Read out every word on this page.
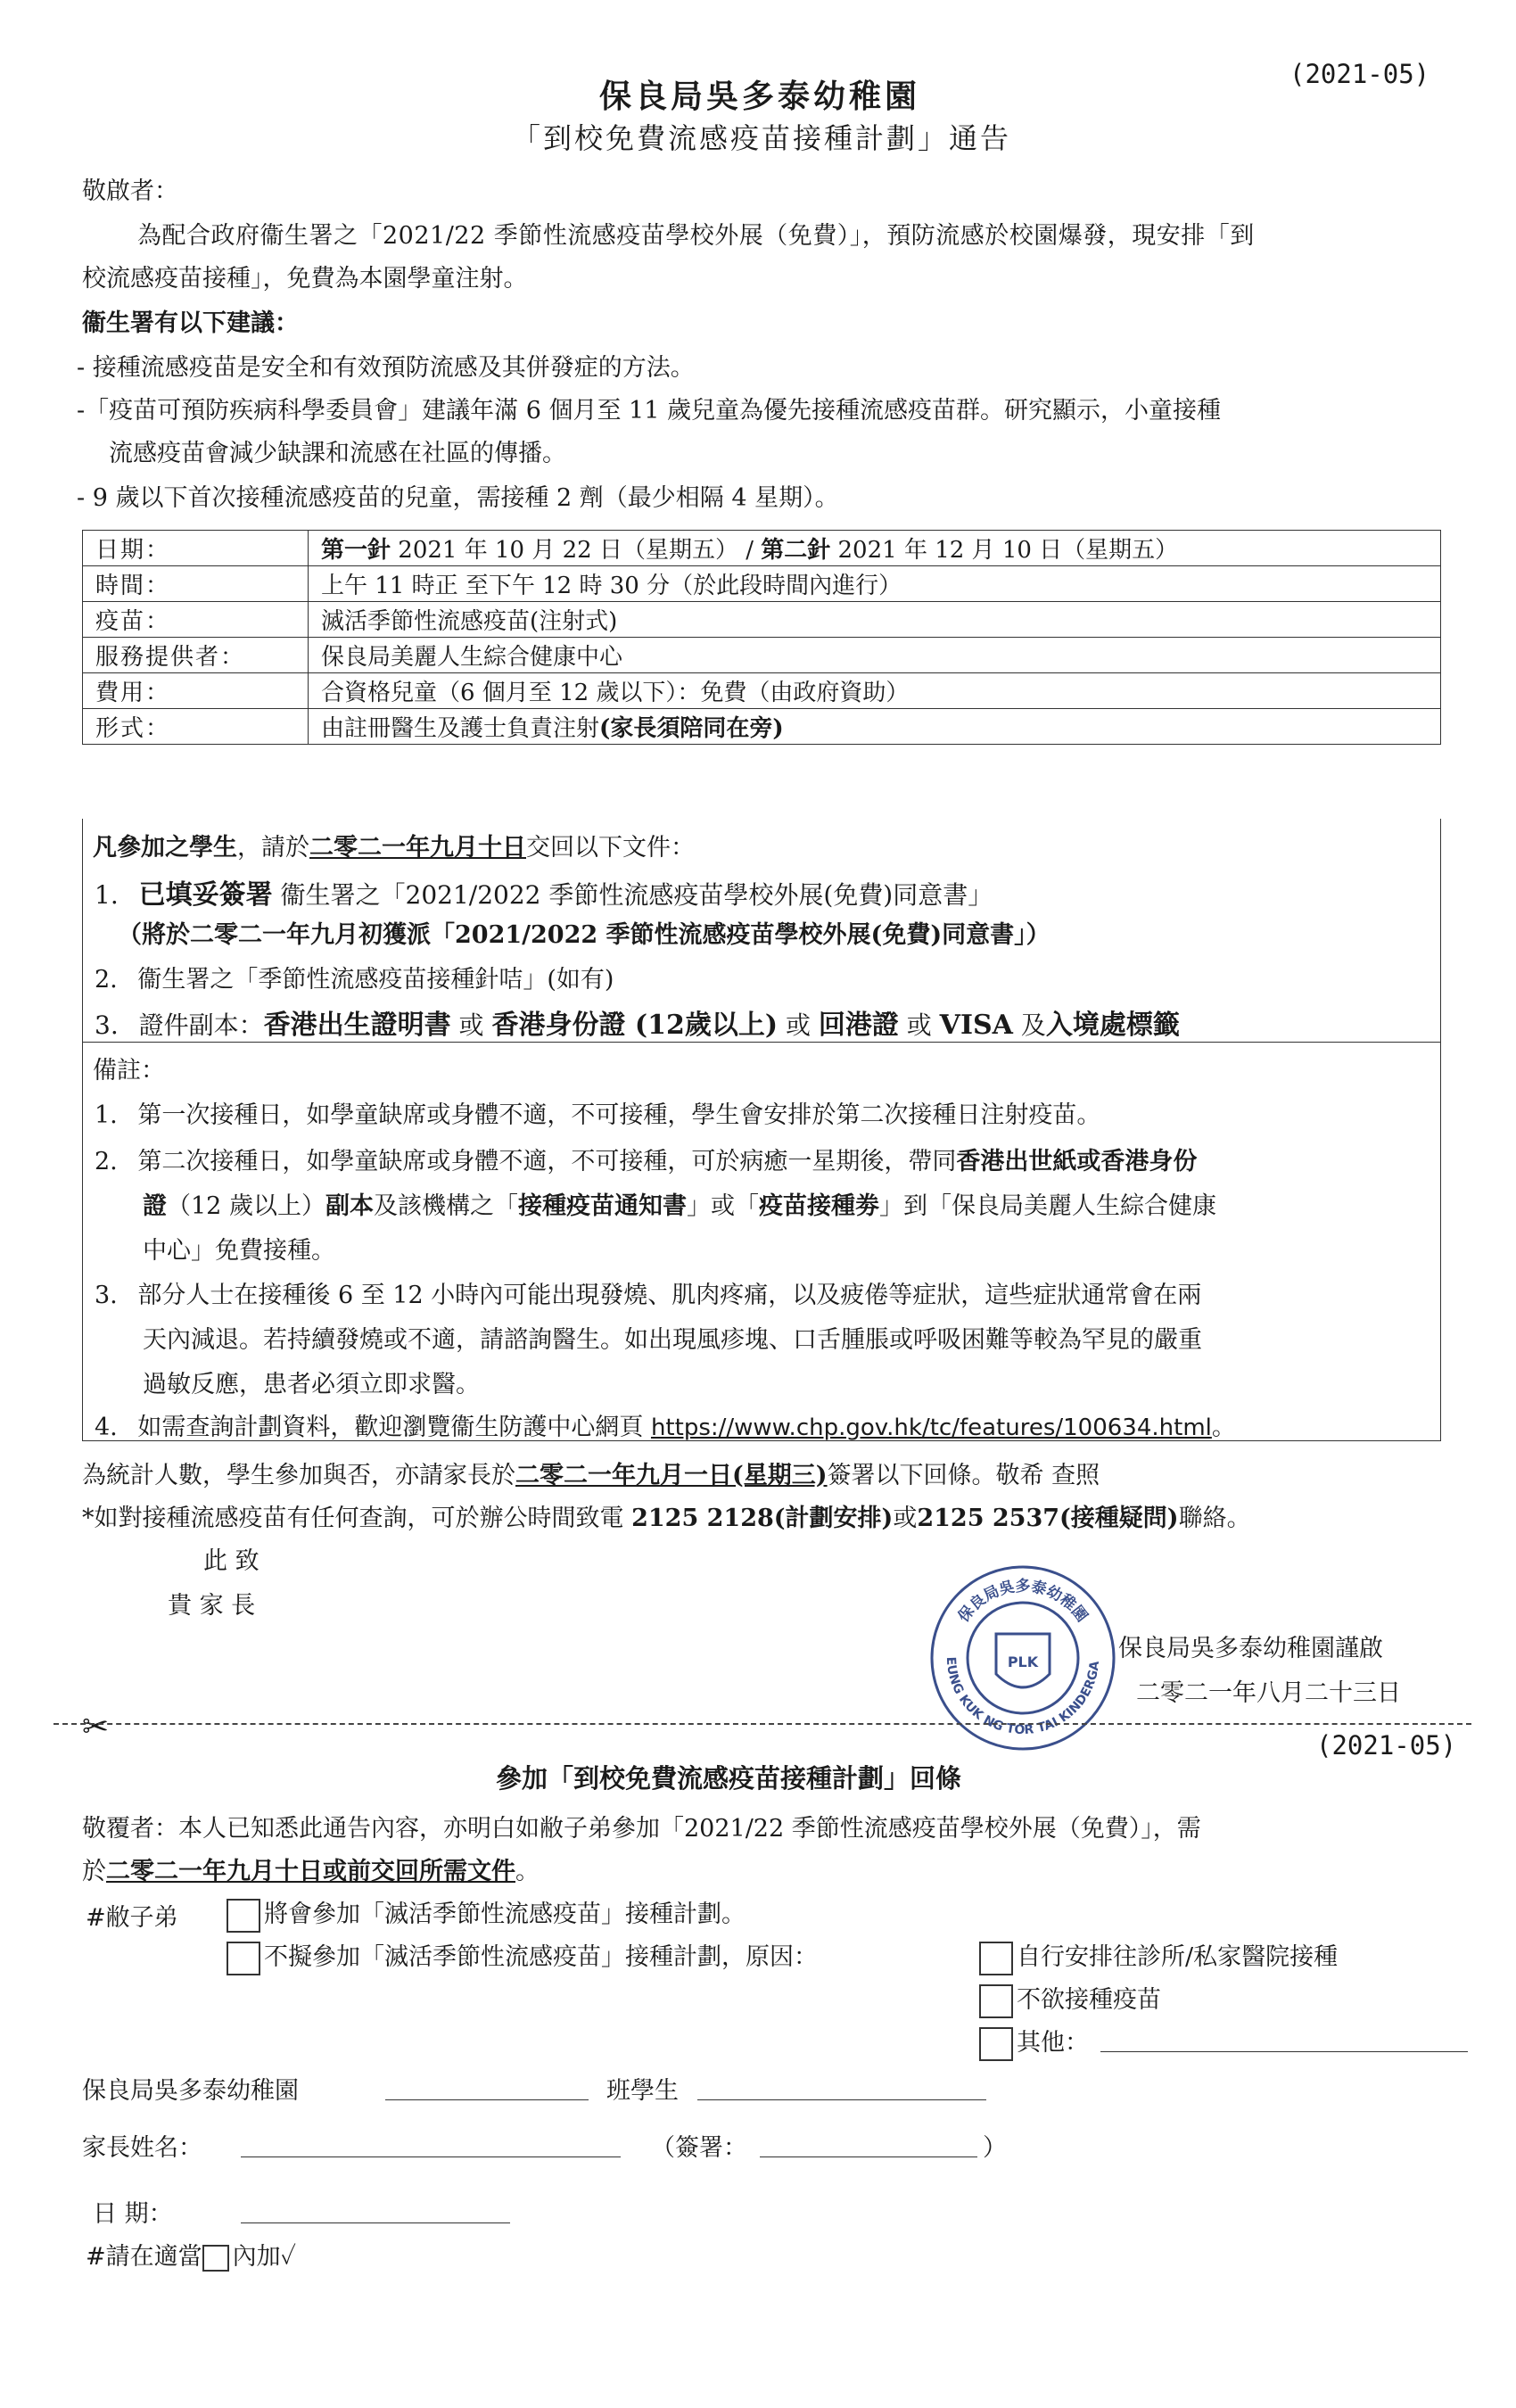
(2021-05)
保良局吳多泰幼稚園
「到校免費流感疫苗接種計劃」通告
敬啟者：
為配合政府衞生署之「2021/22 季節性流感疫苗學校外展（免費）」，預防流感於校園爆發，現安排「到
校流感疫苗接種」，免費為本園學童注射。
衞生署有以下建議：
- 接種流感疫苗是安全和有效預防流感及其併發症的方法。
-「疫苗可預防疾病科學委員會」建議年滿 6 個月至 11 歲兒童為優先接種流感疫苗群。研究顯示，小童接種
流感疫苗會減少缺課和流感在社區的傳播。
- 9 歲以下首次接種流感疫苗的兒童，需接種 2 劑（最少相隔 4 星期）。
日期：	第一針 2021 年 10 月 22 日（星期五） / 第二針 2021 年 12 月 10 日（星期五）
時間：	上午 11 時正 至下午 12 時 30 分（於此段時間內進行）
疫苗：	滅活季節性流感疫苗(注射式)
服務提供者：	保良局美麗人生綜合健康中心
費用：	合資格兒童（6 個月至 12 歲以下）：免費（由政府資助）
形式：	由註冊醫生及護士負責注射(家長須陪同在旁)
凡參加之學生，請於二零二一年九月十日交回以下文件：
1. 已填妥簽署 衞生署之「2021/2022 季節性流感疫苗學校外展(免費)同意書」
（將於二零二一年九月初獲派「2021/2022 季節性流感疫苗學校外展(免費)同意書」）
2. 衞生署之「季節性流感疫苗接種針咭」(如有)
3. 證件副本：香港出生證明書 或 香港身份證 (12歲以上) 或 回港證 或 VISA 及入境處標籤
備註：
1. 第一次接種日，如學童缺席或身體不適，不可接種，學生會安排於第二次接種日注射疫苗。
2. 第二次接種日，如學童缺席或身體不適，不可接種，可於病癒一星期後，帶同香港出世紙或香港身份
證（12 歲以上）副本及該機構之「接種疫苗通知書」或「疫苗接種劵」到「保良局美麗人生綜合健康
中心」免費接種。
3. 部分人士在接種後 6 至 12 小時內可能出現發燒、肌肉疼痛，以及疲倦等症狀，這些症狀通常會在兩
天內減退。若持續發燒或不適，請諮詢醫生。如出現風疹塊、口舌腫脹或呼吸困難等較為罕見的嚴重
過敏反應，患者必須立即求醫。
4. 如需查詢計劃資料，歡迎瀏覽衞生防護中心網頁 https://www.chp.gov.hk/tc/features/100634.html。
為統計人數，學生參加與否，亦請家長於二零二一年九月一日(星期三)簽署以下回條。敬希 查照
*如對接種流感疫苗有任何查詢，可於辦公時間致電 2125 2128(計劃安排)或2125 2537(接種疑問)聯絡。
此 致
貴 家 長	保良局吳多泰幼稚園
EUNG KUK NG TOR TAI KINDERGA
PLK	保良局吳多泰幼稚園謹啟
二零二一年八月二十三日
✂	(2021-05)
參加「到校免費流感疫苗接種計劃」回條
敬覆者：本人已知悉此通告內容，亦明白如敝子弟參加「2021/22 季節性流感疫苗學校外展（免費）」，需
於二零二一年九月十日或前交回所需文件。
#敝子弟	將會參加「滅活季節性流感疫苗」接種計劃。
不擬參加「滅活季節性流感疫苗」接種計劃，原因：	自行安排往診所/私家醫院接種
不欲接種疫苗
其他：
保良局吳多泰幼稚園	班學生
家長姓名：	（簽署：	）
日 期：
#請在適當 內加✓
